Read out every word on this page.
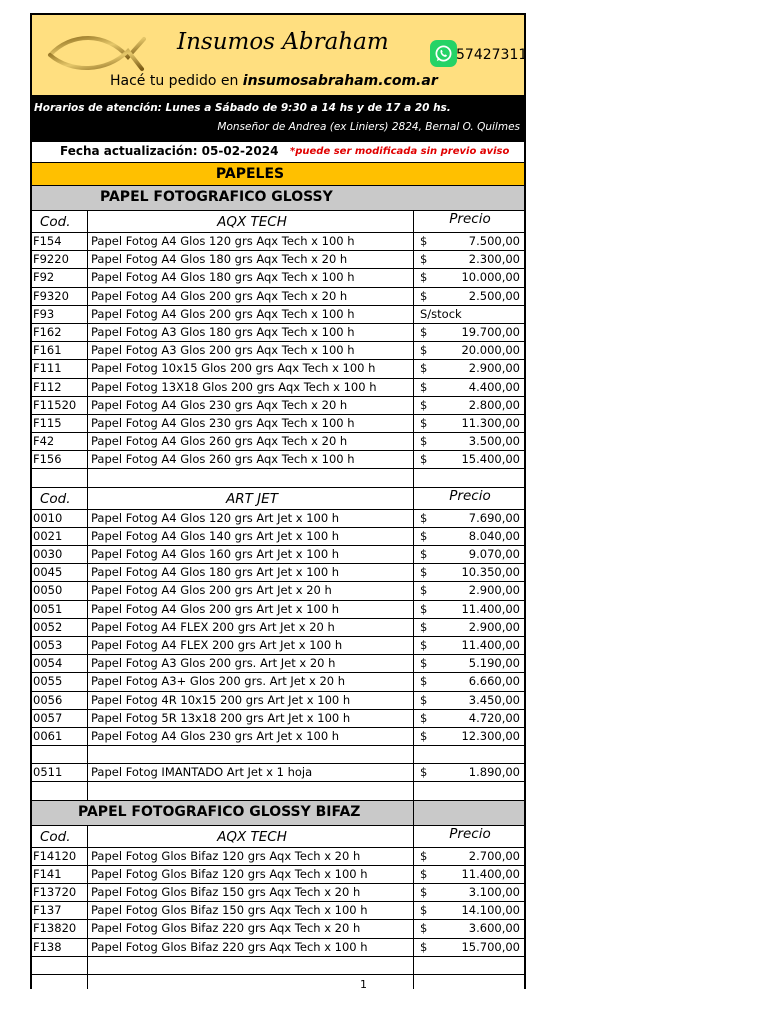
Insumos Abraham	57427311
Hacé tu pedido en insumosabraham.com.ar
Horarios de atención: Lunes a Sábado de 9:30 a 14 hs y de 17 a 20 hs.
Monseñor de Andrea (ex Liniers) 2824, Bernal O. Quilmes
Fecha actualización: 05-02-2024 *puede ser modificada sin previo aviso
PAPELES
PAPEL FOTOGRAFICO GLOSSY
Cod.	AQX TECH	Precio
F154	Papel Fotog A4 Glos 120 grs Aqx Tech x 100 h	$	7.500,00
F9220	Papel Fotog A4 Glos 180 grs Aqx Tech x 20 h	$	2.300,00
F92	Papel Fotog A4 Glos 180 grs Aqx Tech x 100 h	$	10.000,00
F9320	Papel Fotog A4 Glos 200 grs Aqx Tech x 20 h	$	2.500,00
F93	Papel Fotog A4 Glos 200 grs Aqx Tech x 100 h	S/stock
F162	Papel Fotog A3 Glos 180 grs Aqx Tech x 100 h	$	19.700,00
F161	Papel Fotog A3 Glos 200 grs Aqx Tech x 100 h	$	20.000,00
F111	Papel Fotog 10x15 Glos 200 grs Aqx Tech x 100 h	$	2.900,00
F112	Papel Fotog 13X18 Glos 200 grs Aqx Tech x 100 h	$	4.400,00
F11520	Papel Fotog A4 Glos 230 grs Aqx Tech x 20 h	$	2.800,00
F115	Papel Fotog A4 Glos 230 grs Aqx Tech x 100 h	$	11.300,00
F42	Papel Fotog A4 Glos 260 grs Aqx Tech x 20 h	$	3.500,00
F156	Papel Fotog A4 Glos 260 grs Aqx Tech x 100 h	$	15.400,00
Cod.	ART JET	Precio
0010	Papel Fotog A4 Glos 120 grs Art Jet x 100 h	$	7.690,00
0021	Papel Fotog A4 Glos 140 grs Art Jet x 100 h	$	8.040,00
0030	Papel Fotog A4 Glos 160 grs Art Jet x 100 h	$	9.070,00
0045	Papel Fotog A4 Glos 180 grs Art Jet x 100 h	$	10.350,00
0050	Papel Fotog A4 Glos 200 grs Art Jet x 20 h	$	2.900,00
0051	Papel Fotog A4 Glos 200 grs Art Jet x 100 h	$	11.400,00
0052	Papel Fotog A4 FLEX 200 grs Art Jet x 20 h	$	2.900,00
0053	Papel Fotog A4 FLEX 200 grs Art Jet x 100 h	$	11.400,00
0054	Papel Fotog A3 Glos 200 grs. Art Jet x 20 h	$	5.190,00
0055	Papel Fotog A3+ Glos 200 grs. Art Jet x 20 h	$	6.660,00
0056	Papel Fotog 4R 10x15 200 grs Art Jet x 100 h	$	3.450,00
0057	Papel Fotog 5R 13x18 200 grs Art Jet x 100 h	$	4.720,00
0061	Papel Fotog A4 Glos 230 grs Art Jet x 100 h	$	12.300,00
0511	Papel Fotog IMANTADO Art Jet x 1 hoja	$	1.890,00
PAPEL FOTOGRAFICO GLOSSY BIFAZ
Cod.	AQX TECH	Precio
F14120	Papel Fotog Glos Bifaz 120 grs Aqx Tech x 20 h	$	2.700,00
F141	Papel Fotog Glos Bifaz 120 grs Aqx Tech x 100 h	$	11.400,00
F13720	Papel Fotog Glos Bifaz 150 grs Aqx Tech x 20 h	$	3.100,00
F137	Papel Fotog Glos Bifaz 150 grs Aqx Tech x 100 h	$	14.100,00
F13820	Papel Fotog Glos Bifaz 220 grs Aqx Tech x 20 h	$	3.600,00
F138	Papel Fotog Glos Bifaz 220 grs Aqx Tech x 100 h	$	15.700,00
1
